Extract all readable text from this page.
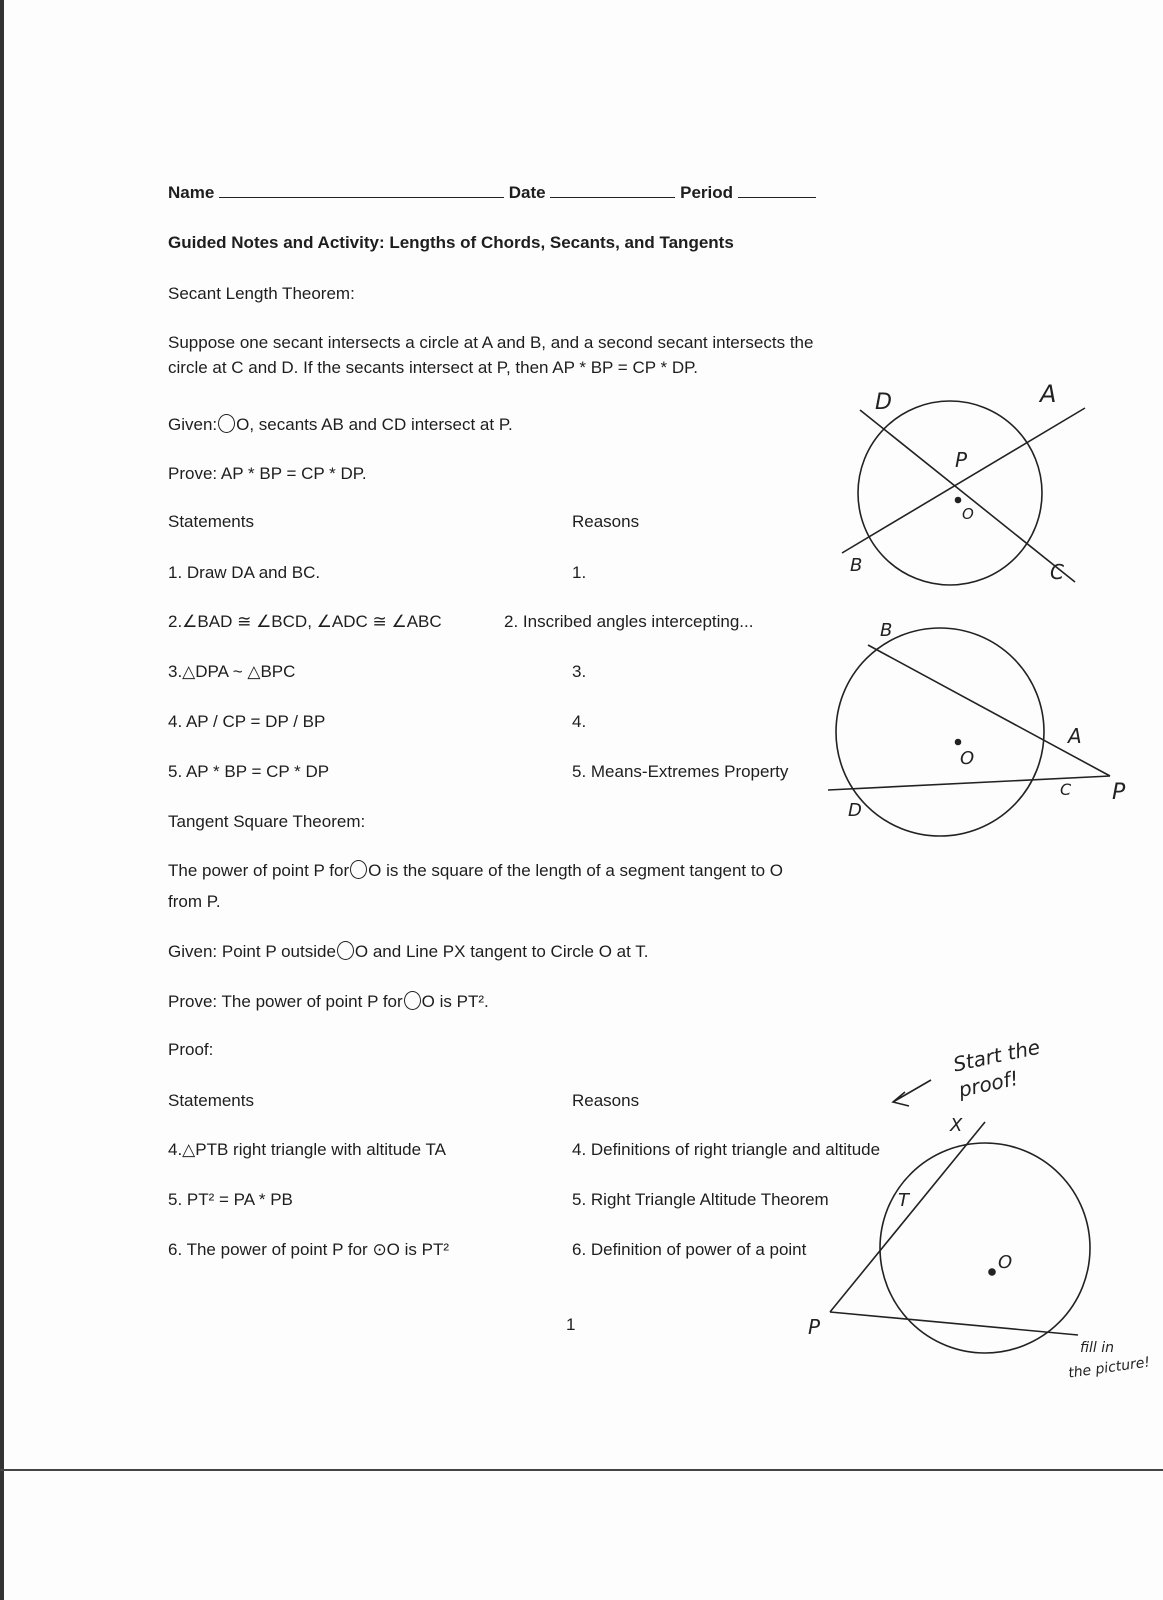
Name	Date	Period
Guided Notes and Activity: Lengths of Chords, Secants, and Tangents
Secant Length Theorem:
Suppose one secant intersects a circle at A and B, and a second secant intersects the
circle at C and D. If the secants intersect at P, then AP * BP = CP * DP.
Given: O, secants AB and CD intersect at P.
Prove: AP * BP = CP * DP.
Statements	Reasons
1. Draw DA and BC.	1.
2.∠BAD ≅ ∠BCD, ∠ADC ≅ ∠ABC	2. Inscribed angles intercepting...
3.△DPA ~ △BPC	3.
4. AP / CP = DP / BP	4.
5. AP * BP = CP * DP	5. Means-Extremes Property
Tangent Square Theorem:
The power of point P for O is the square of the length of a segment tangent to O
from P.
Given: Point P outside O and Line PX tangent to Circle O at T.
Prove: The power of point P for O is PT².
Proof:
Statements	Reasons
4.△PTB right triangle with altitude TA	4. Definitions of right triangle and altitude
5. PT² = PA * PB	5. Right Triangle Altitude Theorem
6. The power of point P for ⊙O is PT²	6. Definition of power of a point
1
D	A
P
O
B	C
B
A
O
D
C P
X
T
O
P
Start the proof!
fill in
the picture!
